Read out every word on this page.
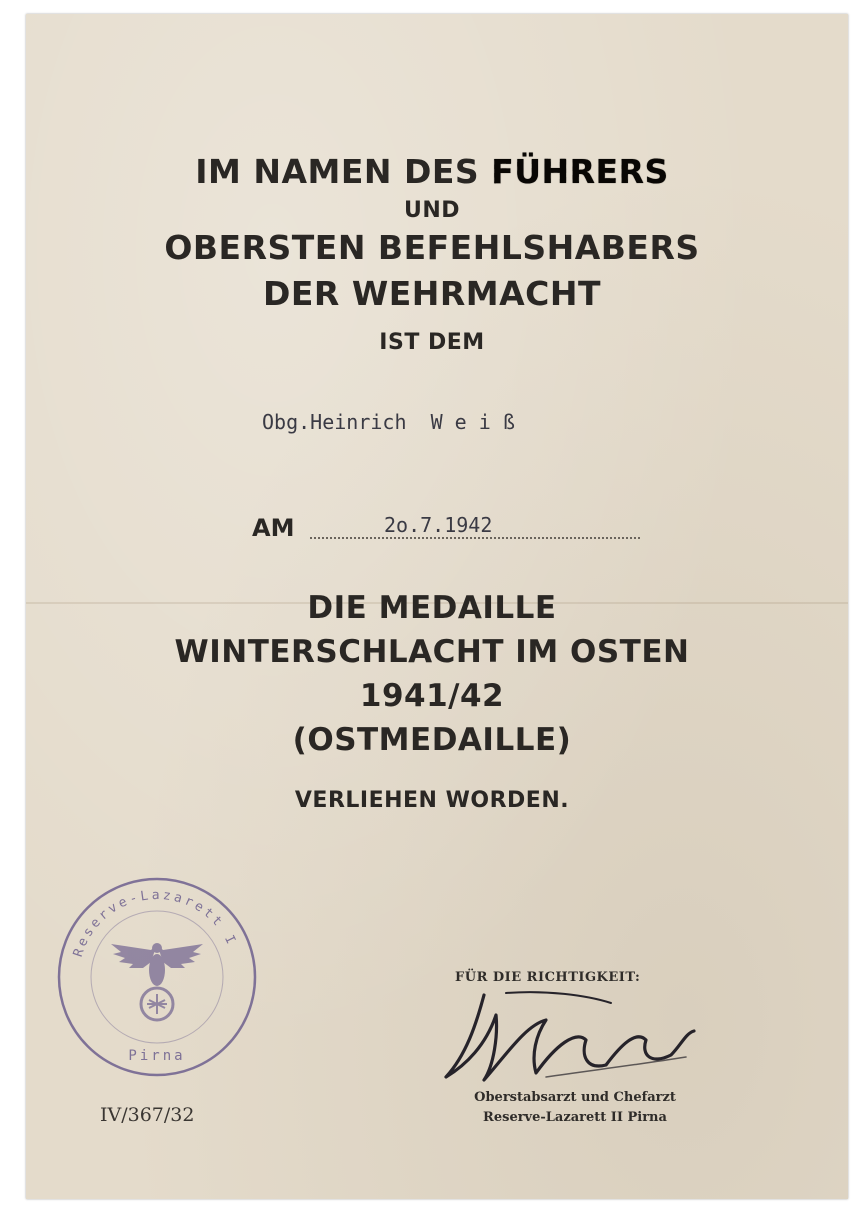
IM NAMEN DES FÜHRERS
UND
OBERSTEN BEFEHLSHABERS
DER WEHRMACHT
IST DEM
Obg.Heinrich  W e i ß
AM	2o.7.1942
DIE MEDAILLE
WINTERSCHLACHT IM OSTEN
1941/42
(OSTMEDAILLE)
VERLIEHEN WORDEN.
Reserve-Lazarett I
Pirna
IV/367/32
FÜR DIE RICHTIGKEIT:
Oberstabsarzt und Chefarzt
Reserve-Lazarett II Pirna
